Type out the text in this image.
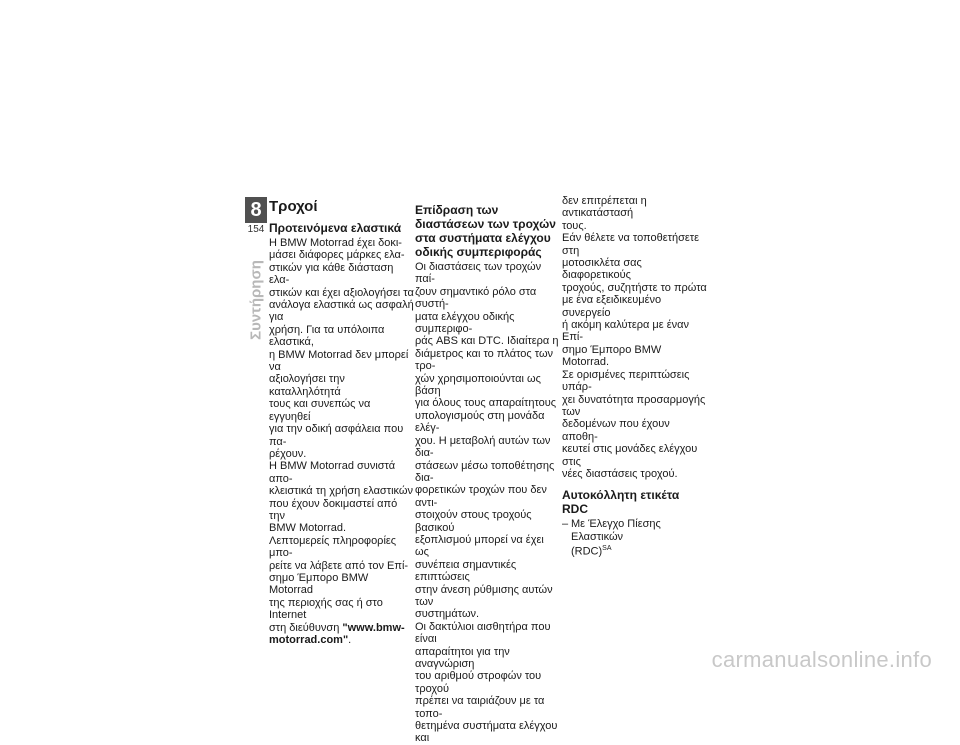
8
154
Συντήρηση
Τροχοί
Προτεινόμενα ελαστικά

Η BMW Motorrad έχει δοκι-

μάσει διάφορες μάρκες ελα-

στικών για κάθε διάσταση ελα-

στικών και έχει αξιολογήσει τα

ανάλογα ελαστικά ως ασφαλή για

χρήση. Για τα υπόλοιπα ελαστικά,

η BMW Motorrad δεν μπορεί να

αξιολογήσει την καταλληλότητά

τους και συνεπώς να εγγυηθεί

για την οδική ασφάλεια που πα-

ρέχουν.

Η BMW Motorrad συνιστά απο-

κλειστικά τη χρήση ελαστικών

που έχουν δοκιμαστεί από την

BMW Motorrad.

Λεπτομερείς πληροφορίες μπο-

ρείτε να λάβετε από τον Επί-

σημο Έμπορο BMW Motorrad

της περιοχής σας ή στο Internet

στη διεύθυνση "www.bmw-

motorrad.com".

Επίδραση των
διαστάσεων των τροχών
στα συστήματα ελέγχου
οδικής συμπεριφοράς

Οι διαστάσεις των τροχών παί-

ζουν σημαντικό ρόλο στα συστή-

ματα ελέγχου οδικής συμπεριφο-

ράς ABS και DTC. Ιδιαίτερα η

διάμετρος και το πλάτος των τρο-

χών χρησιμοποιούνται ως βάση

για όλους τους απαραίτητους

υπολογισμούς στη μονάδα ελέγ-

χου. Η μεταβολή αυτών των δια-

στάσεων μέσω τοποθέτησης δια-

φορετικών τροχών που δεν αντι-

στοιχούν στους τροχούς βασικού

εξοπλισμού μπορεί να έχει ως

συνέπεια σημαντικές επιπτώσεις

στην άνεση ρύθμισης αυτών των

συστημάτων.

Οι δακτύλιοι αισθητήρα που είναι

απαραίτητοι για την αναγνώριση

του αριθμού στροφών του τροχού

πρέπει να ταιριάζουν με τα τοπο-

θετημένα συστήματα ελέγχου και

δεν επιτρέπεται η αντικατάστασή

τους.

Εάν θέλετε να τοποθετήσετε στη

μοτοσικλέτα σας διαφορετικούς

τροχούς, συζητήστε το πρώτα

με ένα εξειδικευμένο συνεργείο

ή ακόμη καλύτερα με έναν Επί-

σημο Έμπορο BMW Motorrad.

Σε ορισμένες περιπτώσεις υπάρ-

χει δυνατότητα προσαρμογής των

δεδομένων που έχουν αποθη-

κευτεί στις μονάδες ελέγχου στις

νέες διαστάσεις τροχού.

Αυτοκόλλητη ετικέτα RDC
– Με Έλεγχο Πίεσης Ελαστικών
(RDC)$^{SA}$
carmanualsonline.info
